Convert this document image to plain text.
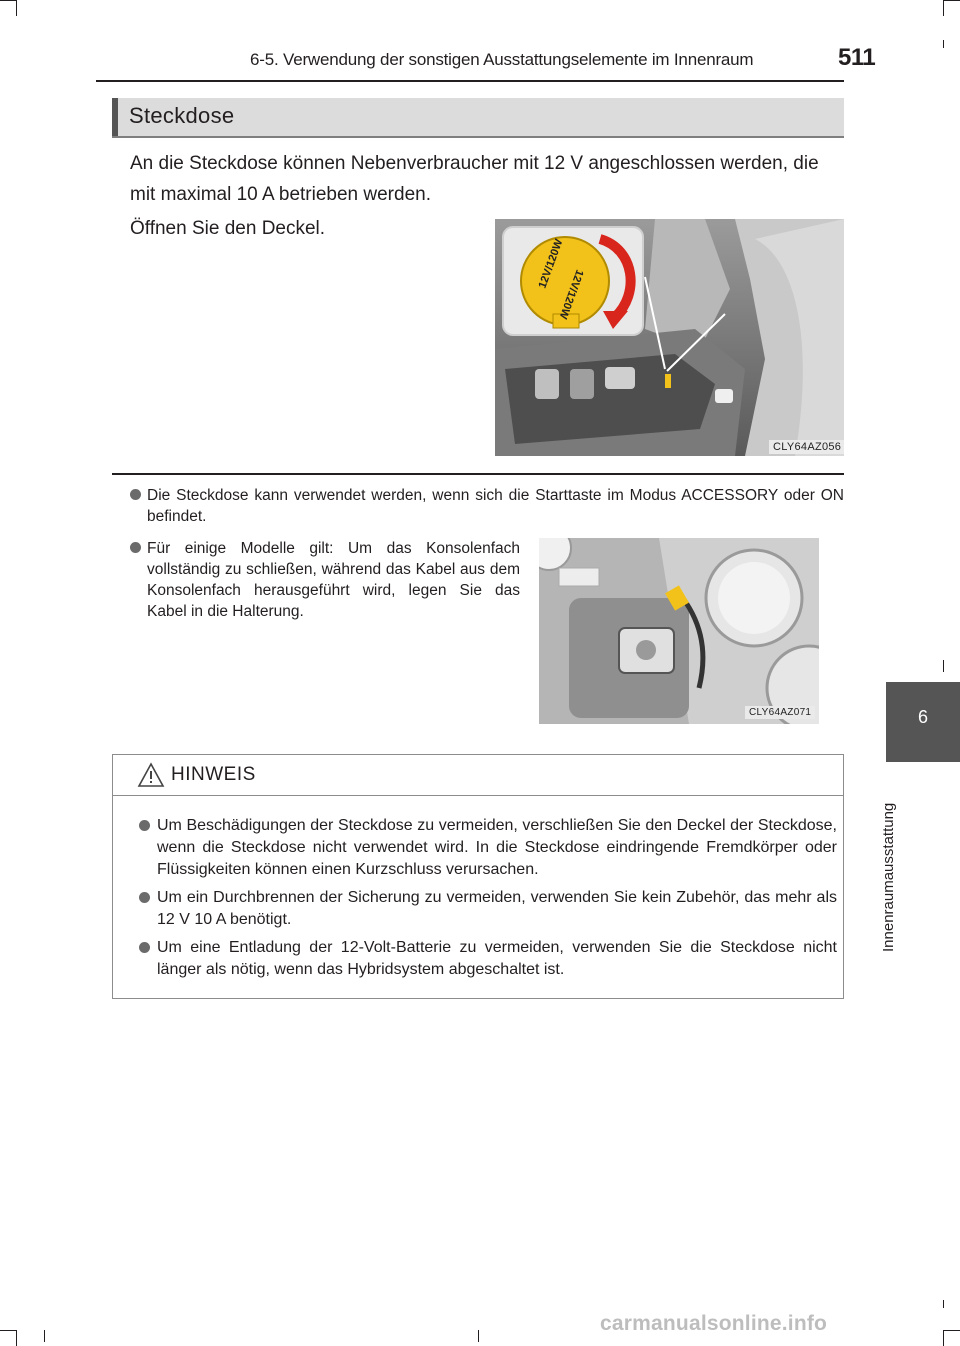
6-5. Verwendung der sonstigen Ausstattungselemente im Innenraum	511
Steckdose
An die Steckdose können Nebenverbraucher mit 12 V angeschlossen werden, die mit maximal 10 A betrieben werden.
Öffnen Sie den Deckel.
12V/120W
12V/120W
CLY64AZ056
Die Steckdose kann verwendet werden, wenn sich die Starttaste im Modus ACCESSORY oder ON befindet.
Für einige Modelle gilt: Um das Konsolenfach vollständig zu schließen, während das Kabel aus dem Konsolenfach herausgeführt wird, legen Sie das Kabel in die Halterung.
CLY64AZ071
HINWEIS
Um Beschädigungen der Steckdose zu vermeiden, verschließen Sie den Deckel der Steckdose, wenn die Steckdose nicht verwendet wird. In die Steckdose eindringende Fremdkörper oder Flüssigkeiten können einen Kurzschluss verursachen.
Um ein Durchbrennen der Sicherung zu vermeiden, verwenden Sie kein Zubehör, das mehr als 12 V 10 A benötigt.
Um eine Entladung der 12-Volt-Batterie zu vermeiden, verwenden Sie die Steckdose nicht länger als nötig, wenn das Hybridsystem abgeschaltet ist.
6
Innenraumausstattung
carmanualsonline.info
